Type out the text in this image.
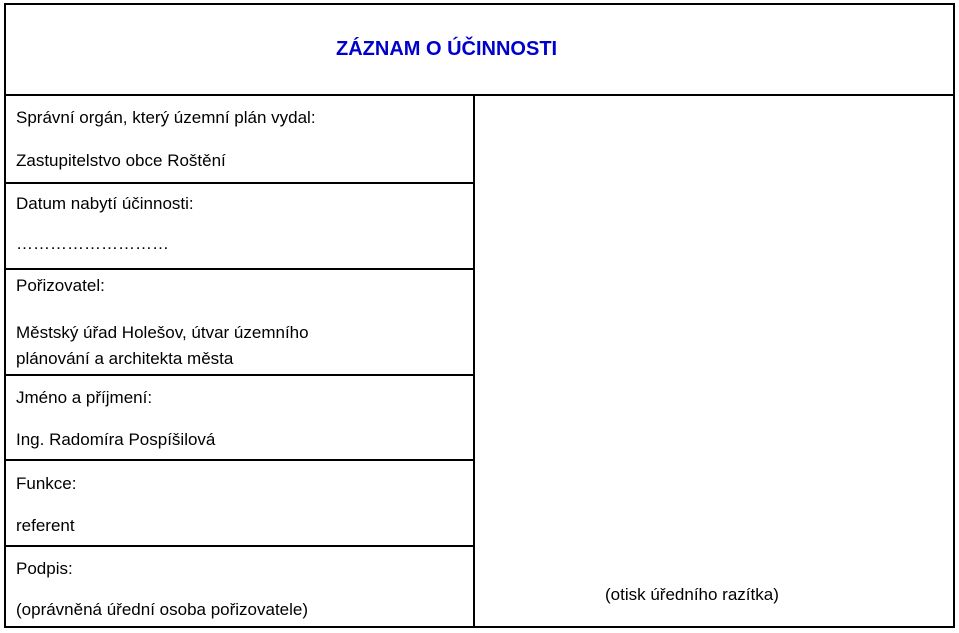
ZÁZNAM O ÚČINNOSTI
Správní orgán, který územní plán vydal:
Zastupitelstvo obce Roštění
Datum nabytí účinnosti:
………………………
Pořizovatel:
Městský úřad Holešov, útvar územního
plánování a architekta města
Jméno a příjmení:
Ing. Radomíra Pospíšilová
Funkce:
referent
Podpis:
(oprávněná úřední osoba pořizovatele)
(otisk úředního razítka)
